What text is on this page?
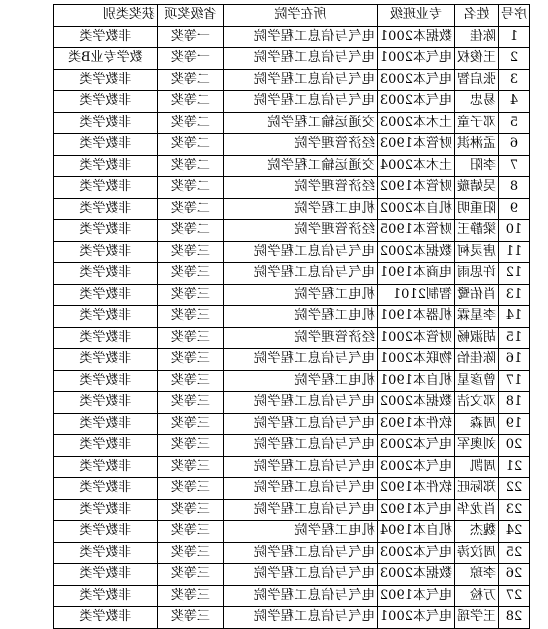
序号	姓名	专业班级	所在学院	省级奖项	获奖类别
1	陈佳	数据本2001	电气与信息工程学院	一等奖	非数学类
2	王俊权	电气本2001	电气与信息工程学院	一等奖	数学专业B类
3	张启智	电气本2003	电气与信息工程学院	二等奖	非数学类
4	易忠	电气本2003	电气与信息工程学院	二等奖	非数学类
5	邓子童	土木本2003	交通运输工程学院	二等奖	非数学类
6	孟淋淇	财管本1903	经济管理学院	二等奖	非数学类
7	李阳	土木本2004	交通运输工程学院	二等奖	非数学类
8	吴婧璇	财管本1902	经济管理学院	二等奖	非数学类
9	阳重明	机自本2002	机电工程学院	二等奖	非数学类
10	梁静王	财管本1905	经济管理学院	二等奖	非数学类
11	唐灵柯	数据本2002	电气与信息工程学院	三等奖	非数学类
12	许思雨	电商本1901	电气与信息工程学院	三等奖	非数学类
13	肖佑鹭	智制2101	机电工程学院	三等奖	非数学类
14	李星霖	机器本1901	机电工程学院	三等奖	非数学类
15	胡淑畅	财管本2001	经济管理学院	三等奖	非数学类
16	陈佳怡	物联本2001	电气与信息工程学院	三等奖	非数学类
17	曾彦星	机自本1901	机电工程学院	三等奖	非数学类
18	邓文洁	数据本2002	电气与信息工程学院	三等奖	非数学类
19	周森	软件本1903	电气与信息工程学院	三等奖	非数学类
20	刘奥军	电气本2003	电气与信息工程学院	三等奖	非数学类
21	周凯	电气本2003	电气与信息工程学院	三等奖	非数学类
22	郑际旺	软件本1902	电气与信息工程学院	三等奖	非数学类
23	肖龙华	电气本1902	电气与信息工程学院	三等奖	非数学类
24	魏杰	机自本1904	机电工程学院	三等奖	非数学类
25	周汶涛	电气本2003	电气与信息工程学院	三等奖	非数学类
26	李琼	数据本2003	电气与信息工程学院	三等奖	非数学类
27	万检	电气本1902	电气与信息工程学院	三等奖	非数学类
28	王学瑶	电气本2001	电气与信息工程学院	三等奖	非数学类
